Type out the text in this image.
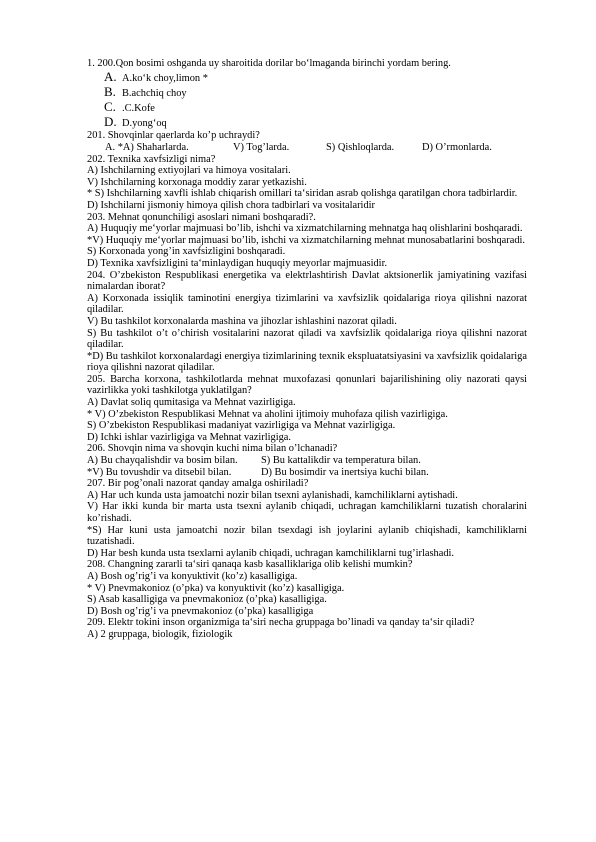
1. 200.Qon bosimi oshganda uy sharoitida dorilar bo‘lmaganda birinchi yordam bering.
A. A.ko‘k choy,limon *
B. B.achchiq choy
C. .C.Kofe
D. D.yong‘oq
201. Shovqinlar qaerlarda ko’p uchraydi?
A. *A) Shaharlarda.	V) Tog’larda.	S) Qishloqlarda.	D) O’rmonlarda.
202. Texnika xavfsizligi nima?
A) Ishchilarning extiyojlari va himoya vositalari.
V) Ishchilarning korxonaga moddiy zarar yetkazishi.
* S) Ishchilarning xavfli ishlab chiqarish omillari ta‘siridan asrab qolishga qaratilgan chora tadbirlardir.
D) Ishchilarni jismoniy himoya qilish chora tadbirlari va vositalaridir
203. Mehnat qonunchiligi asoslari nimani boshqaradi?.
A) Huquqiy me‘yorlar majmuasi bo’lib, ishchi va xizmatchilarning mehnatga haq olishlarini boshqaradi.
*V) Huquqiy me‘yorlar majmuasi bo’lib, ishchi va xizmatchilarning mehnat munosabatlarini boshqaradi.
S) Korxonada yong’in xavfsizligini boshqaradi.
D) Texnika xavfsizligini ta‘minlaydigan huquqiy meyorlar majmuasidir.
204. O’zbekiston Respublikasi energetika va elektrlashtirish Davlat aktsionerlik jamiyatining vazifasi nimalardan iborat?
A) Korxonada issiqlik taminotini energiya tizimlarini va xavfsizlik qoidalariga rioya qilishni nazorat qiladilar.
V) Bu tashkilot korxonalarda mashina va jihozlar ishlashini nazorat qiladi.
S) Bu tashkilot o’t o’chirish vositalarini nazorat qiladi va xavfsizlik qoidalariga rioya qilishni nazorat qiladilar.
*D) Bu tashkilot korxonalardagi energiya tizimlarining texnik ekspluatatsiyasini va xavfsizlik qoidalariga rioya qilishni nazorat qiladilar.
205. Barcha korxona, tashkilotlarda mehnat muxofazasi qonunlari bajarilishining oliy nazorati qaysi vazirlikka yoki tashkilotga yuklatilgan?
A) Davlat soliq qumitasiga va Mehnat vazirligiga.
* V) O’zbekiston Respublikasi Mehnat va aholini ijtimoiy muhofaza qilish vazirligiga.
S) O’zbekiston Respublikasi madaniyat vazirligiga va Mehnat vazirligiga.
D) Ichki ishlar vazirligiga va Mehnat vazirligiga.
206. Shovqin nima va shovqin kuchi nima bilan o’lchanadi?
A) Bu chayqalishdir va bosim bilan.	S) Bu kattalikdir va temperatura bilan.
*V) Bu tovushdir va ditsebil bilan.	D) Bu bosimdir va inertsiya kuchi bilan.
207. Bir pog’onali nazorat qanday amalga oshiriladi?
A) Har uch kunda usta jamoatchi nozir bilan tsexni aylanishadi, kamchiliklarni aytishadi.
V) Har ikki kunda bir marta usta tsexni aylanib chiqadi, uchragan kamchiliklarni tuzatish choralarini ko’rishadi.
*S) Har kuni usta jamoatchi nozir bilan tsexdagi ish joylarini aylanib chiqishadi, kamchiliklarni tuzatishadi.
D) Har besh kunda usta tsexlarni aylanib chiqadi, uchragan kamchiliklarni tug’irlashadi.
208. Changning zararli ta‘siri qanaqa kasb kasalliklariga olib kelishi mumkin?
A) Bosh og’rig’i va konyuktivit (ko’z) kasalligiga.
* V) Pnevmakonioz (o’pka) va konyuktivit (ko’z) kasalligiga.
S) Asab kasalligiga va pnevmakonioz (o’pka) kasalligiga.
D) Bosh og’rig’i va pnevmakonioz (o’pka) kasalligiga
209. Elektr tokini inson organizmiga ta‘siri necha gruppaga bo’linadi va qanday ta‘sir qiladi?
A) 2 gruppaga, biologik, fiziologik
